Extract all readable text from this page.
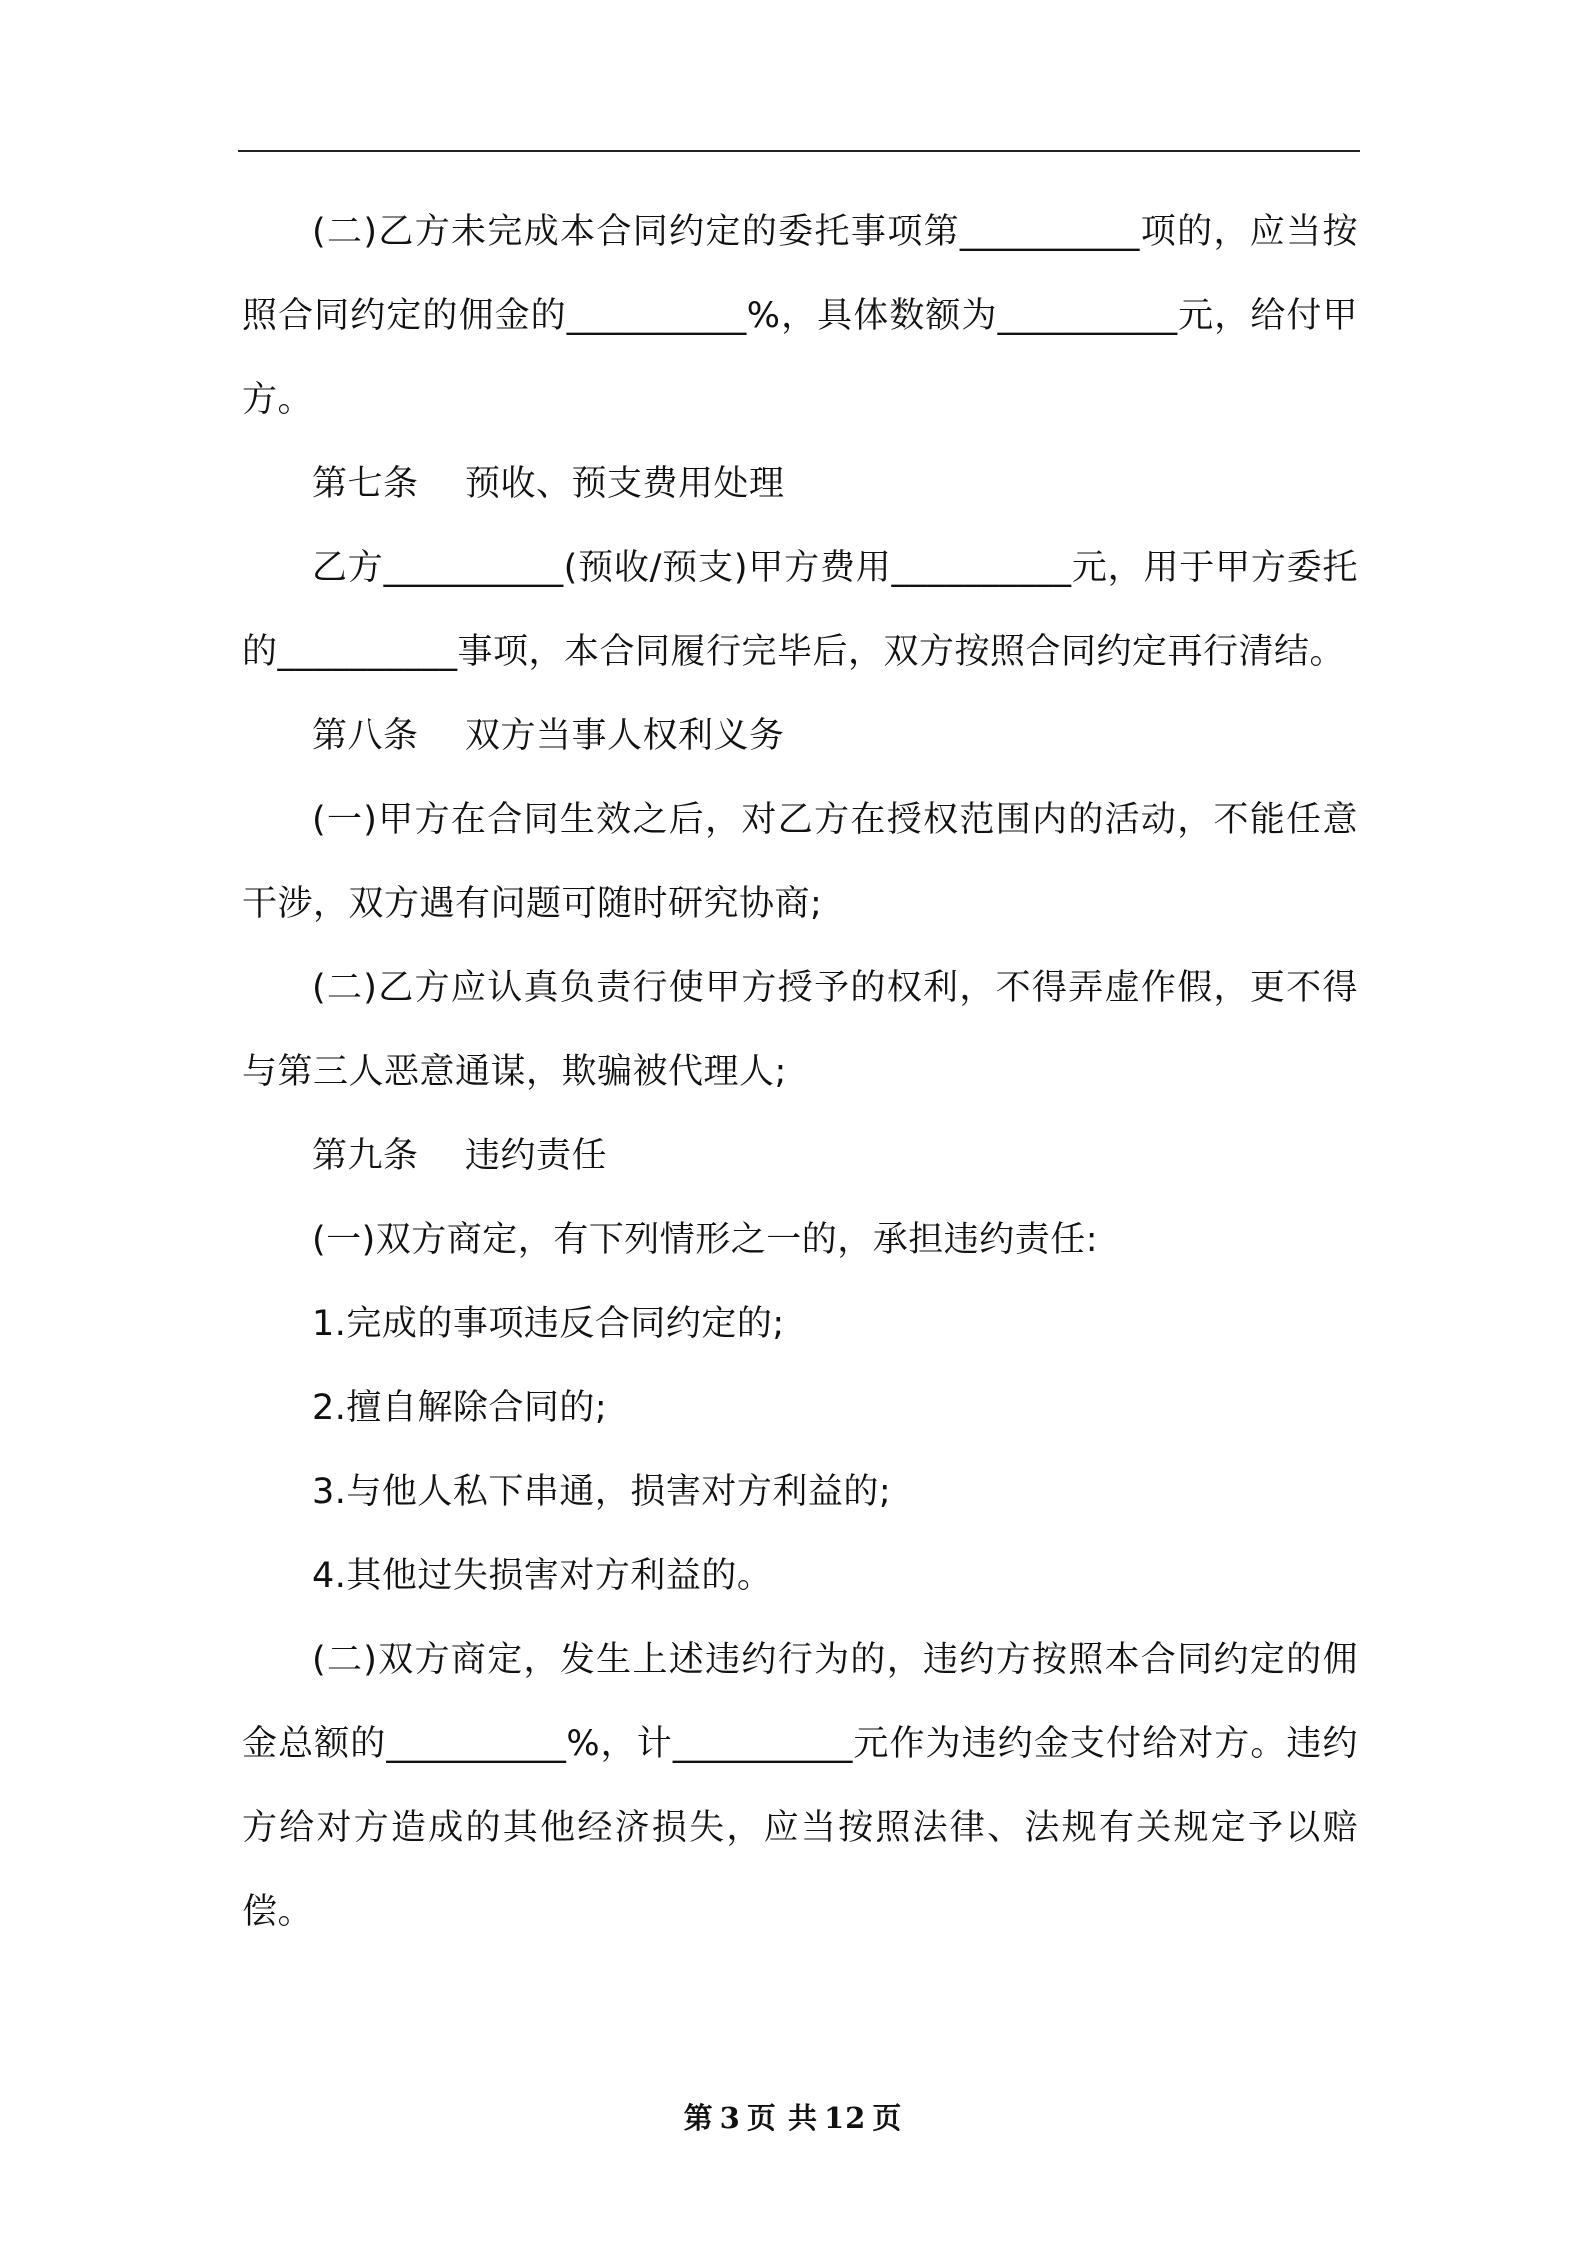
(二)乙方未完成本合同约定的委托事项第__________项的，应当按照合同约定的佣金的__________%，具体数额为__________元，给付甲方。

第七条    预收、预支费用处理

乙方__________(预收/预支)甲方费用__________元，用于甲方委托的__________事项，本合同履行完毕后，双方按照合同约定再行清结。

第八条    双方当事人权利义务

(一)甲方在合同生效之后，对乙方在授权范围内的活动，不能任意干涉，双方遇有问题可随时研究协商;

(二)乙方应认真负责行使甲方授予的权利，不得弄虚作假，更不得与第三人恶意通谋，欺骗被代理人;

第九条    违约责任

(一)双方商定，有下列情形之一的，承担违约责任:

1.完成的事项违反合同约定的;

2.擅自解除合同的;

3.与他人私下串通，损害对方利益的;

4.其他过失损害对方利益的。

(二)双方商定，发生上述违约行为的，违约方按照本合同约定的佣金总额的__________%，计__________元作为违约金支付给对方。违约方给对方造成的其他经济损失，应当按照法律、法规有关规定予以赔偿。

第 3 页 共 12 页
